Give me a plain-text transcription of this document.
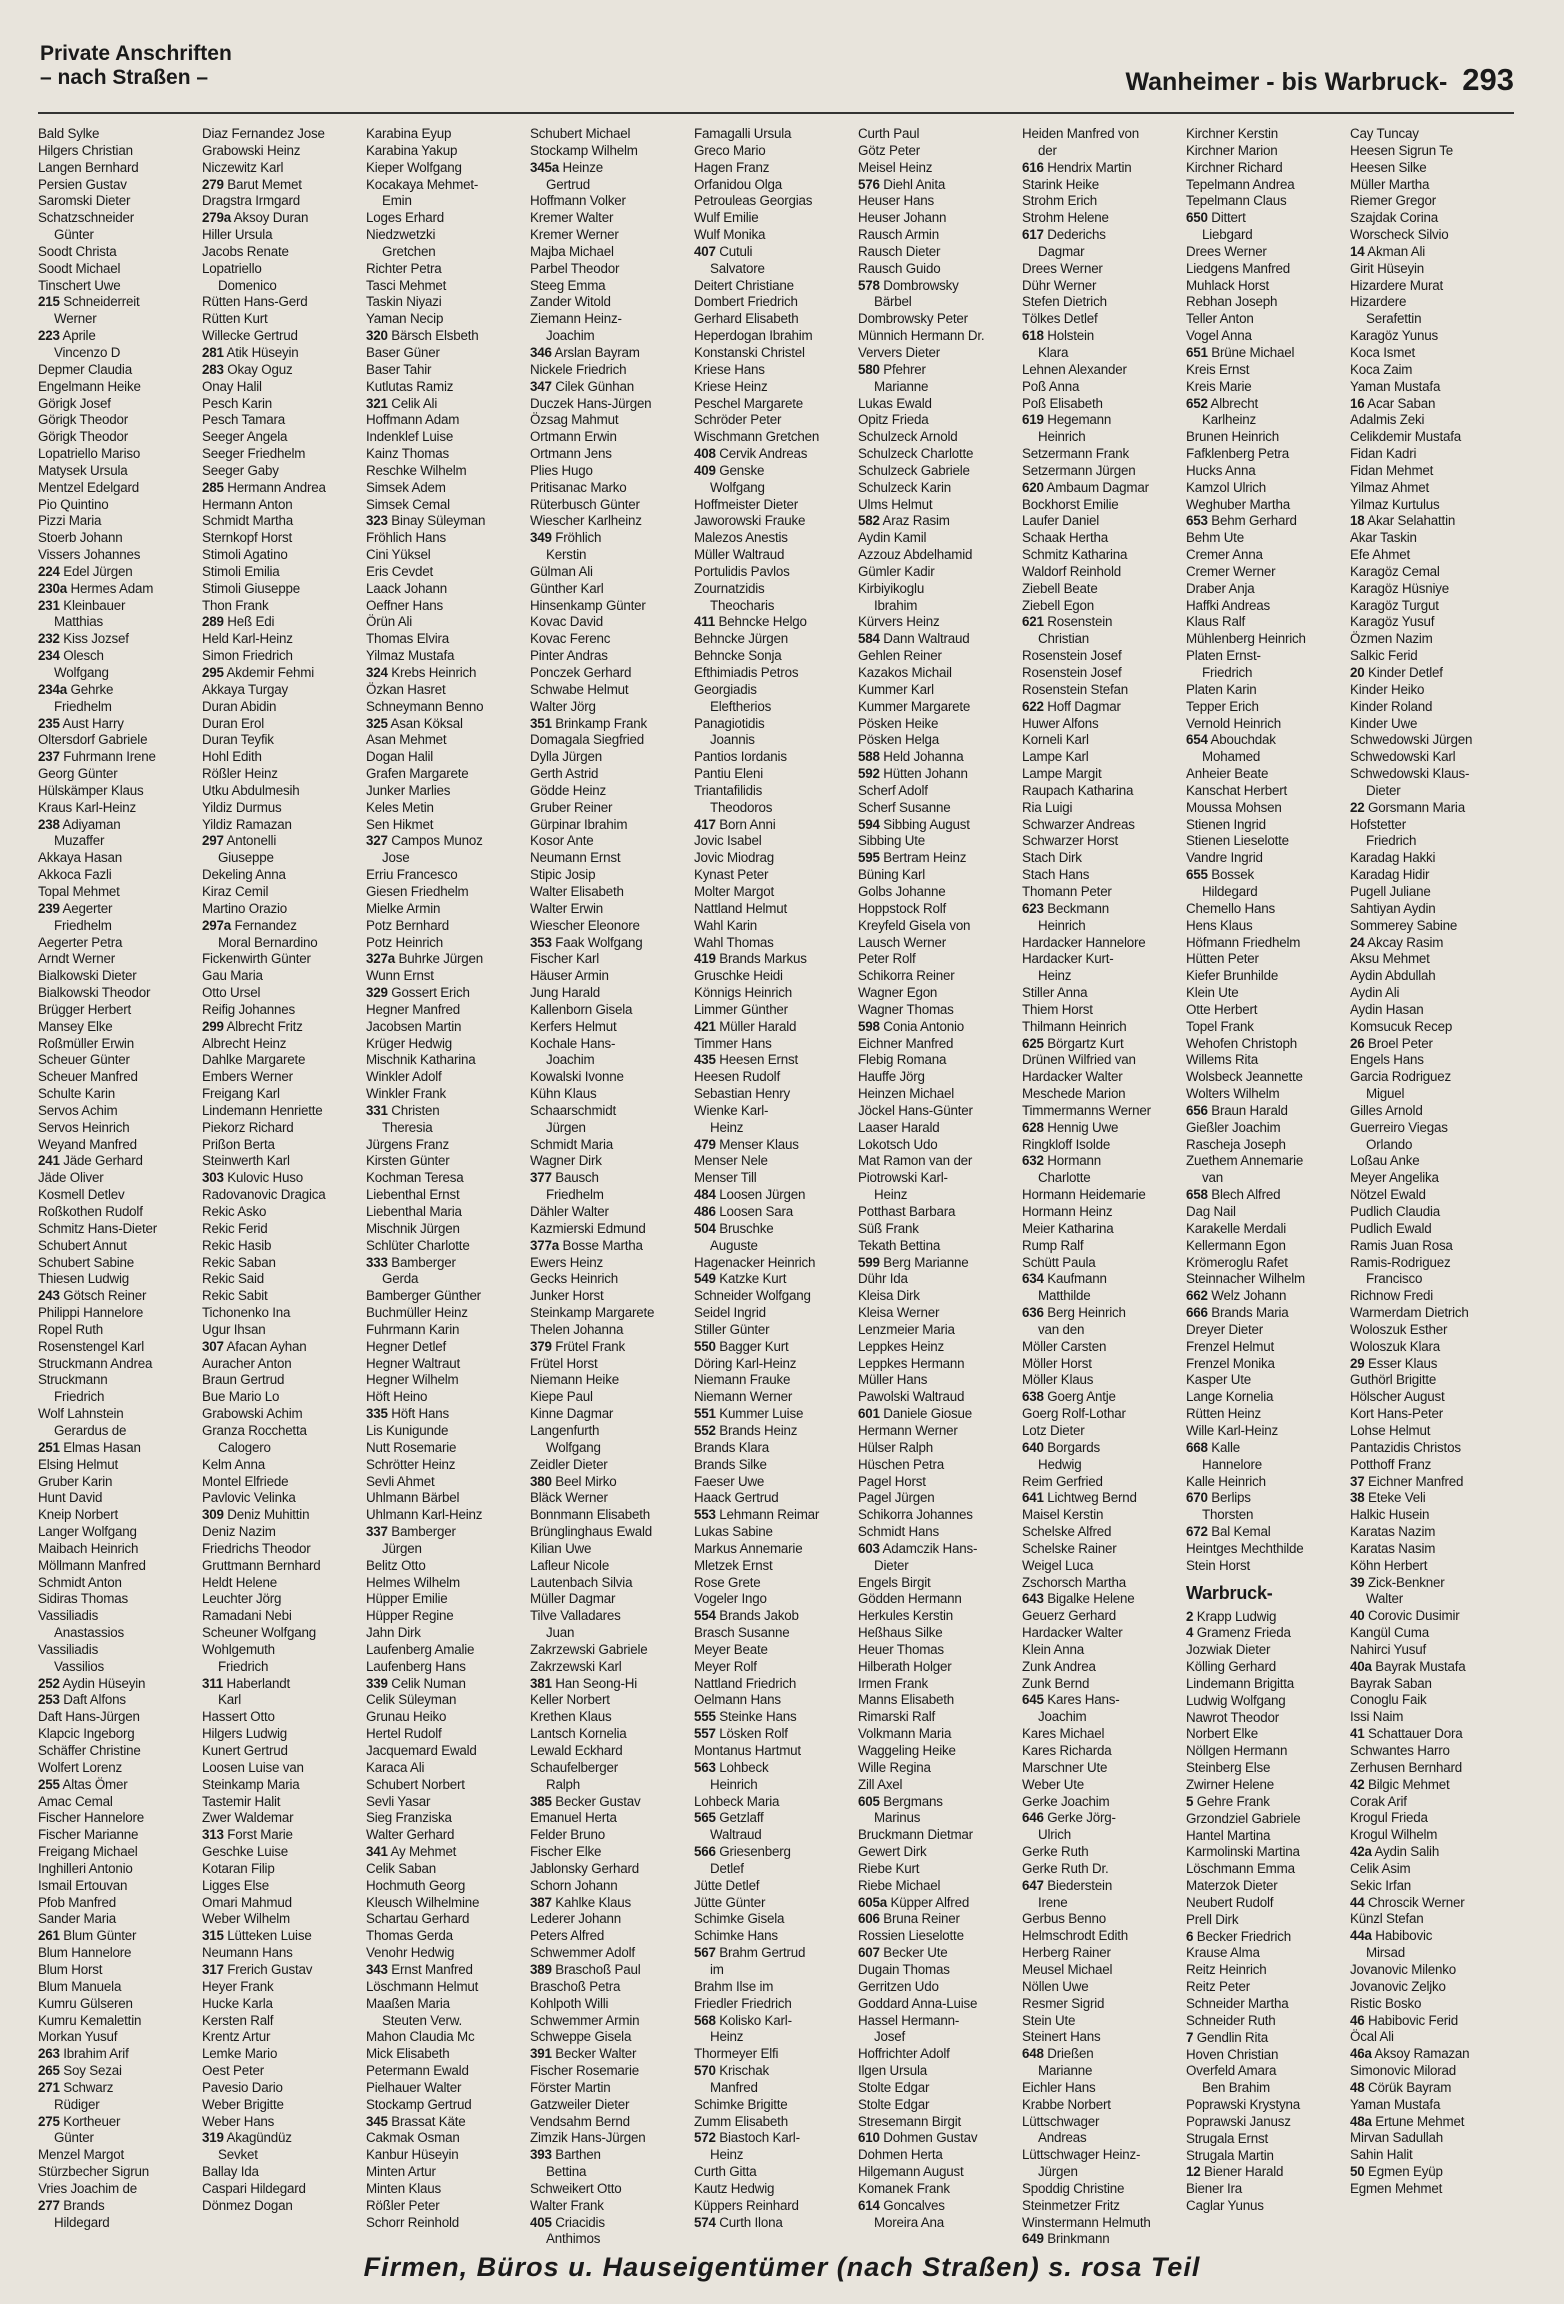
Private Anschriften
– nach Straßen –	Wanheimer - bis Warbruck- 293
Bald Sylke
Hilgers Christian
Langen Bernhard
Persien Gustav
Saromski Dieter
Schatzschneider
Günter
Soodt Christa
Soodt Michael
Tinschert Uwe
215 Schneiderreit
Werner
223 Aprile
Vincenzo D
Depmer Claudia
Engelmann Heike
Görigk Josef
Görigk Theodor
Görigk Theodor
Lopatriello Mariso
Matysek Ursula
Mentzel Edelgard
Pio Quintino
Pizzi Maria
Stoerb Johann
Vissers Johannes
224 Edel Jürgen
230a Hermes Adam
231 Kleinbauer
Matthias
232 Kiss Jozsef
234 Olesch
Wolfgang
234a Gehrke
Friedhelm
235 Aust Harry
Oltersdorf Gabriele
237 Fuhrmann Irene
Georg Günter
Hülskämper Klaus
Kraus Karl-Heinz
238 Adiyaman
Muzaffer
Akkaya Hasan
Akkoca Fazli
Topal Mehmet
239 Aegerter
Friedhelm
Aegerter Petra
Arndt Werner
Bialkowski Dieter
Bialkowski Theodor
Brügger Herbert
Mansey Elke
Roßmüller Erwin
Scheuer Günter
Scheuer Manfred
Schulte Karin
Servos Achim
Servos Heinrich
Weyand Manfred
241 Jäde Gerhard
Jäde Oliver
Kosmell Detlev
Roßkothen Rudolf
Schmitz Hans-Dieter
Schubert Annut
Schubert Sabine
Thiesen Ludwig
243 Götsch Reiner
Philippi Hannelore
Ropel Ruth
Rosenstengel Karl
Struckmann Andrea
Struckmann
Friedrich
Wolf Lahnstein
Gerardus de
251 Elmas Hasan
Elsing Helmut
Gruber Karin
Hunt David
Kneip Norbert
Langer Wolfgang
Maibach Heinrich
Möllmann Manfred
Schmidt Anton
Sidiras Thomas
Vassiliadis
Anastassios
Vassiliadis
Vassilios
252 Aydin Hüseyin
253 Daft Alfons
Daft Hans-Jürgen
Klapcic Ingeborg
Schäffer Christine
Wolfert Lorenz
255 Altas Ömer
Amac Cemal
Fischer Hannelore
Fischer Marianne
Freigang Michael
Inghilleri Antonio
Ismail Ertouvan
Pfob Manfred
Sander Maria
261 Blum Günter
Blum Hannelore
Blum Horst
Blum Manuela
Kumru Gülseren
Kumru Kemalettin
Morkan Yusuf
263 Ibrahim Arif
265 Soy Sezai
271 Schwarz
Rüdiger
275 Kortheuer
Günter
Menzel Margot
Stürzbecher Sigrun
Vries Joachim de
277 Brands
Hildegard
Diaz Fernandez Jose
Grabowski Heinz
Niczewitz Karl
279 Barut Memet
Dragstra Irmgard
279a Aksoy Duran
Hiller Ursula
Jacobs Renate
Lopatriello
Domenico
Rütten Hans-Gerd
Rütten Kurt
Willecke Gertrud
281 Atik Hüseyin
283 Okay Oguz
Onay Halil
Pesch Karin
Pesch Tamara
Seeger Angela
Seeger Friedhelm
Seeger Gaby
285 Hermann Andrea
Hermann Anton
Schmidt Martha
Sternkopf Horst
Stimoli Agatino
Stimoli Emilia
Stimoli Giuseppe
Thon Frank
289 Heß Edi
Held Karl-Heinz
Simon Friedrich
295 Akdemir Fehmi
Akkaya Turgay
Duran Abidin
Duran Erol
Duran Teyfik
Hohl Edith
Rößler Heinz
Utku Abdulmesih
Yildiz Durmus
Yildiz Ramazan
297 Antonelli
Giuseppe
Dekeling Anna
Kiraz Cemil
Martino Orazio
297a Fernandez
Moral Bernardino
Fickenwirth Günter
Gau Maria
Otto Ursel
Reifig Johannes
299 Albrecht Fritz
Albrecht Heinz
Dahlke Margarete
Embers Werner
Freigang Karl
Lindemann Henriette
Piekorz Richard
Prißon Berta
Steinwerth Karl
303 Kulovic Huso
Radovanovic Dragica
Rekic Asko
Rekic Ferid
Rekic Hasib
Rekic Saban
Rekic Said
Rekic Sabit
Tichonenko Ina
Ugur Ihsan
307 Afacan Ayhan
Auracher Anton
Braun Gertrud
Bue Mario Lo
Grabowski Achim
Granza Rocchetta
Calogero
Kelm Anna
Montel Elfriede
Pavlovic Velinka
309 Deniz Muhittin
Deniz Nazim
Friedrichs Theodor
Gruttmann Bernhard
Heldt Helene
Leuchter Jörg
Ramadani Nebi
Scheuner Wolfgang
Wohlgemuth
Friedrich
311 Haberlandt
Karl
Hassert Otto
Hilgers Ludwig
Kunert Gertrud
Loosen Luise van
Steinkamp Maria
Tastemir Halit
Zwer Waldemar
313 Forst Marie
Geschke Luise
Kotaran Filip
Ligges Else
Omari Mahmud
Weber Wilhelm
315 Lütteken Luise
Neumann Hans
317 Frerich Gustav
Heyer Frank
Hucke Karla
Kersten Ralf
Krentz Artur
Lemke Mario
Oest Peter
Pavesio Dario
Weber Brigitte
Weber Hans
319 Akagündüz
Sevket
Ballay Ida
Caspari Hildegard
Dönmez Dogan
Karabina Eyup
Karabina Yakup
Kieper Wolfgang
Kocakaya Mehmet-
Emin
Loges Erhard
Niedzwetzki
Gretchen
Richter Petra
Tasci Mehmet
Taskin Niyazi
Yaman Necip
320 Bärsch Elsbeth
Baser Güner
Baser Tahir
Kutlutas Ramiz
321 Celik Ali
Hoffmann Adam
Indenklef Luise
Kainz Thomas
Reschke Wilhelm
Simsek Adem
Simsek Cemal
323 Binay Süleyman
Fröhlich Hans
Cini Yüksel
Eris Cevdet
Laack Johann
Oeffner Hans
Örün Ali
Thomas Elvira
Yilmaz Mustafa
324 Krebs Heinrich
Özkan Hasret
Schneymann Benno
325 Asan Köksal
Asan Mehmet
Dogan Halil
Grafen Margarete
Junker Marlies
Keles Metin
Sen Hikmet
327 Campos Munoz
Jose
Erriu Francesco
Giesen Friedhelm
Mielke Armin
Potz Bernhard
Potz Heinrich
327a Buhrke Jürgen
Wunn Ernst
329 Gossert Erich
Hegner Manfred
Jacobsen Martin
Krüger Hedwig
Mischnik Katharina
Winkler Adolf
Winkler Frank
331 Christen
Theresia
Jürgens Franz
Kirsten Günter
Kochman Teresa
Liebenthal Ernst
Liebenthal Maria
Mischnik Jürgen
Schlüter Charlotte
333 Bamberger
Gerda
Bamberger Günther
Buchmüller Heinz
Fuhrmann Karin
Hegner Detlef
Hegner Waltraut
Hegner Wilhelm
Höft Heino
335 Höft Hans
Lis Kunigunde
Nutt Rosemarie
Schrötter Heinz
Sevli Ahmet
Uhlmann Bärbel
Uhlmann Karl-Heinz
337 Bamberger
Jürgen
Belitz Otto
Helmes Wilhelm
Hüpper Emilie
Hüpper Regine
Jahn Dirk
Laufenberg Amalie
Laufenberg Hans
339 Celik Numan
Celik Süleyman
Grunau Heiko
Hertel Rudolf
Jacquemard Ewald
Karaca Ali
Schubert Norbert
Sevli Yasar
Sieg Franziska
Walter Gerhard
341 Ay Mehmet
Celik Saban
Hochmuth Georg
Kleusch Wilhelmine
Schartau Gerhard
Thomas Gerda
Venohr Hedwig
343 Ernst Manfred
Löschmann Helmut
Maaßen Maria
Steuten Verw.
Mahon Claudia Mc
Mick Elisabeth
Petermann Ewald
Pielhauer Walter
Stockamp Gertrud
345 Brassat Käte
Cakmak Osman
Kanbur Hüseyin
Minten Artur
Minten Klaus
Rößler Peter
Schorr Reinhold
Schubert Michael
Stockamp Wilhelm
345a Heinze
Gertrud
Hoffmann Volker
Kremer Walter
Kremer Werner
Majba Michael
Parbel Theodor
Steeg Emma
Zander Witold
Ziemann Heinz-
Joachim
346 Arslan Bayram
Nickele Friedrich
347 Cilek Günhan
Duczek Hans-Jürgen
Özsag Mahmut
Ortmann Erwin
Ortmann Jens
Plies Hugo
Pritisanac Marko
Rüterbusch Günter
Wiescher Karlheinz
349 Fröhlich
Kerstin
Gülman Ali
Günther Karl
Hinsenkamp Günter
Kovac David
Kovac Ferenc
Pinter Andras
Ponczek Gerhard
Schwabe Helmut
Walter Jörg
351 Brinkamp Frank
Domagala Siegfried
Dylla Jürgen
Gerth Astrid
Gödde Heinz
Gruber Reiner
Gürpinar Ibrahim
Kosor Ante
Neumann Ernst
Stipic Josip
Walter Elisabeth
Walter Erwin
Wiescher Eleonore
353 Faak Wolfgang
Fischer Karl
Häuser Armin
Jung Harald
Kallenborn Gisela
Kerfers Helmut
Kochale Hans-
Joachim
Kowalski Ivonne
Kühn Klaus
Schaarschmidt
Jürgen
Schmidt Maria
Wagner Dirk
377 Bausch
Friedhelm
Dähler Walter
Kazmierski Edmund
377a Bosse Martha
Ewers Heinz
Gecks Heinrich
Junker Horst
Steinkamp Margarete
Thelen Johanna
379 Frütel Frank
Frütel Horst
Niemann Heike
Kiepe Paul
Kinne Dagmar
Langenfurth
Wolfgang
Zeidler Dieter
380 Beel Mirko
Bläck Werner
Bonnmann Elisabeth
Brünglinghaus Ewald
Kilian Uwe
Lafleur Nicole
Lautenbach Silvia
Müller Dagmar
Tilve Valladares
Juan
Zakrzewski Gabriele
Zakrzewski Karl
381 Han Seong-Hi
Keller Norbert
Krethen Klaus
Lantsch Kornelia
Lewald Eckhard
Schaufelberger
Ralph
385 Becker Gustav
Emanuel Herta
Felder Bruno
Fischer Elke
Jablonsky Gerhard
Schorn Johann
387 Kahlke Klaus
Lederer Johann
Peters Alfred
Schwemmer Adolf
389 Braschoß Paul
Braschoß Petra
Kohlpoth Willi
Schwemmer Armin
Schweppe Gisela
391 Becker Walter
Fischer Rosemarie
Förster Martin
Gatzweiler Dieter
Vendsahm Bernd
Zimzik Hans-Jürgen
393 Barthen
Bettina
Schweikert Otto
Walter Frank
405 Criacidis
Anthimos
Famagalli Ursula
Greco Mario
Hagen Franz
Orfanidou Olga
Petrouleas Georgias
Wulf Emilie
Wulf Monika
407 Cutuli
Salvatore
Deitert Christiane
Dombert Friedrich
Gerhard Elisabeth
Heperdogan Ibrahim
Konstanski Christel
Kriese Hans
Kriese Heinz
Peschel Margarete
Schröder Peter
Wischmann Gretchen
408 Cervik Andreas
409 Genske
Wolfgang
Hoffmeister Dieter
Jaworowski Frauke
Malezos Anestis
Müller Waltraud
Portulidis Pavlos
Zournatzidis
Theocharis
411 Behncke Helgo
Behncke Jürgen
Behncke Sonja
Efthimiadis Petros
Georgiadis
Eleftherios
Panagiotidis
Joannis
Pantios Iordanis
Pantiu Eleni
Triantafilidis
Theodoros
417 Born Anni
Jovic Isabel
Jovic Miodrag
Kynast Peter
Molter Margot
Nattland Helmut
Wahl Karin
Wahl Thomas
419 Brands Markus
Gruschke Heidi
Könnigs Heinrich
Limmer Günther
421 Müller Harald
Timmer Hans
435 Heesen Ernst
Heesen Rudolf
Sebastian Henry
Wienke Karl-
Heinz
479 Menser Klaus
Menser Nele
Menser Till
484 Loosen Jürgen
486 Loosen Sara
504 Bruschke
Auguste
Hagenacker Heinrich
549 Katzke Kurt
Schneider Wolfgang
Seidel Ingrid
Stiller Günter
550 Bagger Kurt
Döring Karl-Heinz
Niemann Frauke
Niemann Werner
551 Kummer Luise
552 Brands Heinz
Brands Klara
Brands Silke
Faeser Uwe
Haack Gertrud
553 Lehmann Reimar
Lukas Sabine
Markus Annemarie
Mletzek Ernst
Rose Grete
Vogeler Ingo
554 Brands Jakob
Brasch Susanne
Meyer Beate
Meyer Rolf
Nattland Friedrich
Oelmann Hans
555 Steinke Hans
557 Lösken Rolf
Montanus Hartmut
563 Lohbeck
Heinrich
Lohbeck Maria
565 Getzlaff
Waltraud
566 Griesenberg
Detlef
Jütte Detlef
Jütte Günter
Schimke Gisela
Schimke Hans
567 Brahm Gertrud
im
Brahm Ilse im
Friedler Friedrich
568 Kolisko Karl-
Heinz
Thormeyer Elfi
570 Krischak
Manfred
Schimke Brigitte
Zumm Elisabeth
572 Biastoch Karl-
Heinz
Curth Gitta
Kautz Hedwig
Küppers Reinhard
574 Curth Ilona
Curth Paul
Götz Peter
Meisel Heinz
576 Diehl Anita
Heuser Hans
Heuser Johann
Rausch Armin
Rausch Dieter
Rausch Guido
578 Dombrowsky
Bärbel
Dombrowsky Peter
Münnich Hermann Dr.
Ververs Dieter
580 Pfehrer
Marianne
Lukas Ewald
Opitz Frieda
Schulzeck Arnold
Schulzeck Charlotte
Schulzeck Gabriele
Schulzeck Karin
Ulms Helmut
582 Araz Rasim
Aydin Kamil
Azzouz Abdelhamid
Gümler Kadir
Kirbiyikoglu
Ibrahim
Kürvers Heinz
584 Dann Waltraud
Gehlen Reiner
Kazakos Michail
Kummer Karl
Kummer Margarete
Pösken Heike
Pösken Helga
588 Held Johanna
592 Hütten Johann
Scherf Adolf
Scherf Susanne
594 Sibbing August
Sibbing Ute
595 Bertram Heinz
Büning Karl
Golbs Johanne
Hoppstock Rolf
Kreyfeld Gisela von
Lausch Werner
Peter Rolf
Schikorra Reiner
Wagner Egon
Wagner Thomas
598 Conia Antonio
Eichner Manfred
Flebig Romana
Hauffe Jörg
Heinzen Michael
Jöckel Hans-Günter
Laaser Harald
Lokotsch Udo
Mat Ramon van der
Piotrowski Karl-
Heinz
Potthast Barbara
Süß Frank
Tekath Bettina
599 Berg Marianne
Dühr Ida
Kleisa Dirk
Kleisa Werner
Lenzmeier Maria
Leppkes Heinz
Leppkes Hermann
Müller Hans
Pawolski Waltraud
601 Daniele Giosue
Hermann Werner
Hülser Ralph
Hüschen Petra
Pagel Horst
Pagel Jürgen
Schikorra Johannes
Schmidt Hans
603 Adamczik Hans-
Dieter
Engels Birgit
Gödden Hermann
Herkules Kerstin
Heßhaus Silke
Heuer Thomas
Hilberath Holger
Irmen Frank
Manns Elisabeth
Rimarski Ralf
Volkmann Maria
Waggeling Heike
Wille Regina
Zill Axel
605 Bergmans
Marinus
Bruckmann Dietmar
Gewert Dirk
Riebe Kurt
Riebe Michael
605a Küpper Alfred
606 Bruna Reiner
Rossien Lieselotte
607 Becker Ute
Dugain Thomas
Gerritzen Udo
Goddard Anna-Luise
Hassel Hermann-
Josef
Hoffrichter Adolf
Ilgen Ursula
Stolte Edgar
Stolte Edgar
Stresemann Birgit
610 Dohmen Gustav
Dohmen Herta
Hilgemann August
Komanek Frank
614 Goncalves
Moreira Ana
Heiden Manfred von
der
616 Hendrix Martin
Starink Heike
Strohm Erich
Strohm Helene
617 Dederichs
Dagmar
Drees Werner
Dühr Werner
Stefen Dietrich
Tölkes Detlef
618 Holstein
Klara
Lehnen Alexander
Poß Anna
Poß Elisabeth
619 Hegemann
Heinrich
Setzermann Frank
Setzermann Jürgen
620 Ambaum Dagmar
Bockhorst Emilie
Laufer Daniel
Schaak Hertha
Schmitz Katharina
Waldorf Reinhold
Ziebell Beate
Ziebell Egon
621 Rosenstein
Christian
Rosenstein Josef
Rosenstein Josef
Rosenstein Stefan
622 Hoff Dagmar
Huwer Alfons
Korneli Karl
Lampe Karl
Lampe Margit
Raupach Katharina
Ria Luigi
Schwarzer Andreas
Schwarzer Horst
Stach Dirk
Stach Hans
Thomann Peter
623 Beckmann
Heinrich
Hardacker Hannelore
Hardacker Kurt-
Heinz
Stiller Anna
Thiem Horst
Thilmann Heinrich
625 Börgartz Kurt
Drünen Wilfried van
Hardacker Walter
Meschede Marion
Timmermanns Werner
628 Hennig Uwe
Ringkloff Isolde
632 Hormann
Charlotte
Hormann Heidemarie
Hormann Heinz
Meier Katharina
Rump Ralf
Schütt Paula
634 Kaufmann
Matthilde
636 Berg Heinrich
van den
Möller Carsten
Möller Horst
Möller Klaus
638 Goerg Antje
Goerg Rolf-Lothar
Lotz Dieter
640 Borgards
Hedwig
Reim Gerfried
641 Lichtweg Bernd
Maisel Kerstin
Schelske Alfred
Schelske Rainer
Weigel Luca
Zschorsch Martha
643 Bigalke Helene
Geuerz Gerhard
Hardacker Walter
Klein Anna
Zunk Andrea
Zunk Bernd
645 Kares Hans-
Joachim
Kares Michael
Kares Richarda
Marschner Ute
Weber Ute
Gerke Joachim
646 Gerke Jörg-
Ulrich
Gerke Ruth
Gerke Ruth Dr.
647 Biederstein
Irene
Gerbus Benno
Helmschrodt Edith
Herberg Rainer
Meusel Michael
Nöllen Uwe
Resmer Sigrid
Stein Ute
Steinert Hans
648 Drießen
Marianne
Eichler Hans
Krabbe Norbert
Lüttschwager
Andreas
Lüttschwager Heinz-
Jürgen
Spoddig Christine
Steinmetzer Fritz
Winstermann Helmuth
649 Brinkmann
Kirchner Kerstin
Kirchner Marion
Kirchner Richard
Tepelmann Andrea
Tepelmann Claus
650 Dittert
Liebgard
Drees Werner
Liedgens Manfred
Muhlack Horst
Rebhan Joseph
Teller Anton
Vogel Anna
651 Brüne Michael
Kreis Ernst
Kreis Marie
652 Albrecht
Karlheinz
Brunen Heinrich
Fafklenberg Petra
Hucks Anna
Kamzol Ulrich
Weghuber Martha
653 Behm Gerhard
Behm Ute
Cremer Anna
Cremer Werner
Draber Anja
Haffki Andreas
Klaus Ralf
Mühlenberg Heinrich
Platen Ernst-
Friedrich
Platen Karin
Tepper Erich
Vernold Heinrich
654 Abouchdak
Mohamed
Anheier Beate
Kanschat Herbert
Moussa Mohsen
Stienen Ingrid
Stienen Lieselotte
Vandre Ingrid
655 Bossek
Hildegard
Chemello Hans
Hens Klaus
Höfmann Friedhelm
Hütten Peter
Kiefer Brunhilde
Klein Ute
Otte Herbert
Topel Frank
Wehofen Christoph
Willems Rita
Wolsbeck Jeannette
Wolters Wilhelm
656 Braun Harald
Gießler Joachim
Rascheja Joseph
Zuethem Annemarie
van
658 Blech Alfred
Dag Nail
Karakelle Merdali
Kellermann Egon
Krömeroglu Rafet
Steinnacher Wilhelm
662 Welz Johann
666 Brands Maria
Dreyer Dieter
Frenzel Helmut
Frenzel Monika
Kasper Ute
Lange Kornelia
Rütten Heinz
Wille Karl-Heinz
668 Kalle
Hannelore
Kalle Heinrich
670 Berlips
Thorsten
672 Bal Kemal
Heintges Mechthilde
Stein Horst
Warbruck-
2 Krapp Ludwig
4 Gramenz Frieda
Jozwiak Dieter
Kölling Gerhard
Lindemann Brigitta
Ludwig Wolfgang
Nawrot Theodor
Norbert Elke
Nöllgen Hermann
Steinberg Else
Zwirner Helene
5 Gehre Frank
Grzondziel Gabriele
Hantel Martina
Karmolinski Martina
Löschmann Emma
Materzok Dieter
Neubert Rudolf
Prell Dirk
6 Becker Friedrich
Krause Alma
Reitz Heinrich
Reitz Peter
Schneider Martha
Schneider Ruth
7 Gendlin Rita
Hoven Christian
Overfeld Amara
Ben Brahim
Poprawski Krystyna
Poprawski Janusz
Strugala Ernst
Strugala Martin
12 Biener Harald
Biener Ira
Caglar Yunus
Cay Tuncay
Heesen Sigrun Te
Heesen Silke
Müller Martha
Riemer Gregor
Szajdak Corina
Worscheck Silvio
14 Akman Ali
Girit Hüseyin
Hizardere Murat
Hizardere
Serafettin
Karagöz Yunus
Koca Ismet
Koca Zaim
Yaman Mustafa
16 Acar Saban
Adalmis Zeki
Celikdemir Mustafa
Fidan Kadri
Fidan Mehmet
Yilmaz Ahmet
Yilmaz Kurtulus
18 Akar Selahattin
Akar Taskin
Efe Ahmet
Karagöz Cemal
Karagöz Hüsniye
Karagöz Turgut
Karagöz Yusuf
Özmen Nazim
Salkic Ferid
20 Kinder Detlef
Kinder Heiko
Kinder Roland
Kinder Uwe
Schwedowski Jürgen
Schwedowski Karl
Schwedowski Klaus-
Dieter
22 Gorsmann Maria
Hofstetter
Friedrich
Karadag Hakki
Karadag Hidir
Pugell Juliane
Sahtiyan Aydin
Sommerey Sabine
24 Akcay Rasim
Aksu Mehmet
Aydin Abdullah
Aydin Ali
Aydin Hasan
Komsucuk Recep
26 Broel Peter
Engels Hans
Garcia Rodriguez
Miguel
Gilles Arnold
Guerreiro Viegas
Orlando
Loßau Anke
Meyer Angelika
Nötzel Ewald
Pudlich Claudia
Pudlich Ewald
Ramis Juan Rosa
Ramis-Rodriguez
Francisco
Richnow Fredi
Warmerdam Dietrich
Woloszuk Esther
Woloszuk Klara
29 Esser Klaus
Guthörl Brigitte
Hölscher August
Kort Hans-Peter
Lohse Helmut
Pantazidis Christos
Potthoff Franz
37 Eichner Manfred
38 Eteke Veli
Halkic Husein
Karatas Nazim
Karatas Nasim
Köhn Herbert
39 Zick-Benkner
Walter
40 Corovic Dusimir
Kangül Cuma
Nahirci Yusuf
40a Bayrak Mustafa
Bayrak Saban
Conoglu Faik
Issi Naim
41 Schattauer Dora
Schwantes Harro
Zerhusen Bernhard
42 Bilgic Mehmet
Corak Arif
Krogul Frieda
Krogul Wilhelm
42a Aydin Salih
Celik Asim
Sekic Irfan
44 Chroscik Werner
Künzl Stefan
44a Habibovic
Mirsad
Jovanovic Milenko
Jovanovic Zeljko
Ristic Bosko
46 Habibovic Ferid
Öcal Ali
46a Aksoy Ramazan
Simonovic Milorad
48 Cörük Bayram
Yaman Mustafa
48a Ertune Mehmet
Mirvan Sadullah
Sahin Halit
50 Egmen Eyüp
Egmen Mehmet
Firmen, Büros u. Hauseigentümer (nach Straßen) s. rosa Teil
